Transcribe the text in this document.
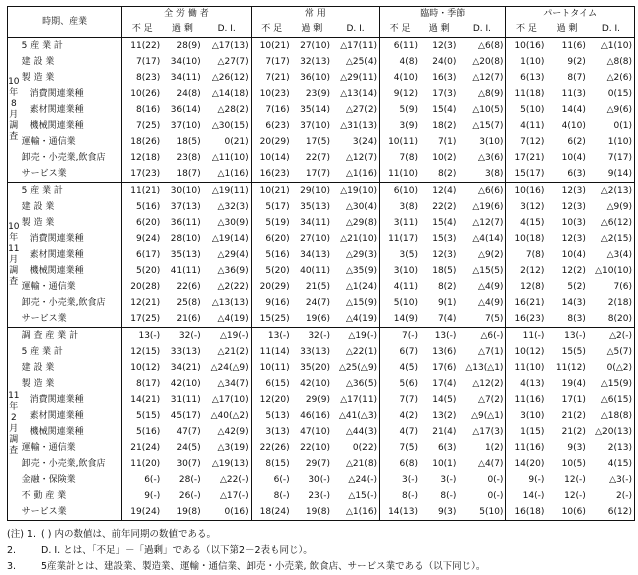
時期、産業		全 労 働 者			常 用			臨時・季節			パートタイム		
		不 足	過 剰	D. I.	不 足	過 剰	D. I.	不 足	過 剰	D. I.	不 足	過 剰	D. I.
10年8月調査	5 産 業 計	11(22)	28(9)	△17(13)	10(21)	27(10)	△17(11)	6(11)	12(3)	△6(8)	10(16)	11(6)	△1(10)
	建 設 業	7(17)	34(10)	△27(7)	7(17)	32(13)	△25(4)	4(8)	24(0)	△20(8)	1(10)	9(2)	△8(8)
	製 造 業	8(23)	34(11)	△26(12)	7(21)	36(10)	△29(11)	4(10)	16(3)	△12(7)	6(13)	8(7)	△2(6)
	消費関連業種	10(26)	24(8)	△14(18)	10(23)	23(9)	△13(14)	9(12)	17(3)	△8(9)	11(18)	11(3)	0(15)
	素材関連業種	8(16)	36(14)	△28(2)	7(16)	35(14)	△27(2)	5(9)	15(4)	△10(5)	5(10)	14(4)	△9(6)
	機械関連業種	7(25)	37(10)	△30(15)	6(23)	37(10)	△31(13)	3(9)	18(2)	△15(7)	4(11)	4(10)	0(1)
	運輸・通信業	18(26)	18(5)	0(21)	20(29)	17(5)	3(24)	10(11)	7(1)	3(10)	7(12)	6(2)	1(10)
	卸売・小売業,飲食店	12(18)	23(8)	△11(10)	10(14)	22(7)	△12(7)	7(8)	10(2)	△3(6)	17(21)	10(4)	7(17)
	サービス業	17(23)	18(7)	△1(16)	16(23)	17(7)	△1(16)	11(10)	8(2)	3(8)	15(17)	6(3)	9(14)
10年11月調査	5 産 業 計	11(21)	30(10)	△19(11)	10(21)	29(10)	△19(10)	6(10)	12(4)	△6(6)	10(16)	12(3)	△2(13)
	建 設 業	5(16)	37(13)	△32(3)	5(17)	35(13)	△30(4)	3(8)	22(2)	△19(6)	3(12)	12(3)	△9(9)
	製 造 業	6(20)	36(11)	△30(9)	5(19)	34(11)	△29(8)	3(11)	15(4)	△12(7)	4(15)	10(3)	△6(12)
	消費関連業種	9(24)	28(10)	△19(14)	6(20)	27(10)	△21(10)	11(17)	15(3)	△4(14)	10(18)	12(3)	△2(15)
	素材関連業種	6(17)	35(13)	△29(4)	5(16)	34(13)	△29(3)	3(5)	12(3)	△9(2)	7(8)	10(4)	△3(4)
	機械関連業種	5(20)	41(11)	△36(9)	5(20)	40(11)	△35(9)	3(10)	18(5)	△15(5)	2(12)	12(2)	△10(10)
	運輸・通信業	20(28)	22(6)	△2(22)	20(29)	21(5)	△1(24)	4(11)	8(2)	△4(9)	12(8)	5(2)	7(6)
	卸売・小売業,飲食店	12(21)	25(8)	△13(13)	9(16)	24(7)	△15(9)	5(10)	9(1)	△4(9)	16(21)	14(3)	2(18)
	サービス業	17(25)	21(6)	△4(19)	15(25)	19(6)	△4(19)	14(9)	7(4)	7(5)	16(23)	8(3)	8(20)
11年2月調査	調 査 産 業 計	13(-)	32(-)	△19(-)	13(-)	32(-)	△19(-)	7(-)	13(-)	△6(-)	11(-)	13(-)	△2(-)
	5 産 業 計	12(15)	33(13)	△21(2)	11(14)	33(13)	△22(1)	6(7)	13(6)	△7(1)	10(12)	15(5)	△5(7)
	建 設 業	10(12)	34(21)	△24(△9)	10(11)	35(20)	△25(△9)	4(5)	17(6)	△13(△1)	11(10)	11(12)	0(△2)
	製 造 業	8(17)	42(10)	△34(7)	6(15)	42(10)	△36(5)	5(6)	17(4)	△12(2)	4(13)	19(4)	△15(9)
	消費関連業種	14(21)	31(11)	△17(10)	12(20)	29(9)	△17(11)	7(7)	14(5)	△7(2)	11(16)	17(1)	△6(15)
	素材関連業種	5(15)	45(17)	△40(△2)	5(13)	46(16)	△41(△3)	4(2)	13(2)	△9(△1)	3(10)	21(2)	△18(8)
	機械関連業種	5(16)	47(7)	△42(9)	3(13)	47(10)	△44(3)	4(7)	21(4)	△17(3)	1(15)	21(2)	△20(13)
	運輸・通信業	21(24)	24(5)	△3(19)	22(26)	22(10)	0(22)	7(5)	6(3)	1(2)	11(16)	9(3)	2(13)
	卸売・小売業,飲食店	11(20)	30(7)	△19(13)	8(15)	29(7)	△21(8)	6(8)	10(1)	△4(7)	14(20)	10(5)	4(15)
	金融・保険業	6(-)	28(-)	△22(-)	6(-)	30(-)	△24(-)	3(-)	3(-)	0(-)	9(-)	12(-)	△3(-)
	不 動 産 業	9(-)	26(-)	△17(-)	8(-)	23(-)	△15(-)	8(-)	8(-)	0(-)	14(-)	12(-)	2(-)
	サービス業	19(24)	19(8)	0(16)	18(24)	19(8)	△1(16)	14(13)	9(3)	5(10)	16(18)	10(6)	6(12)
(注) 1. ( ) 内の数値は、前年同期の数値である。
2.	D. I. とは、「不足」－「過剰」である（以下第2－2表も同じ）。
3.	5産業計とは、建設業、製造業、運輸・通信業、卸売・小売業, 飲食店、サービス業である（以下同じ）。
